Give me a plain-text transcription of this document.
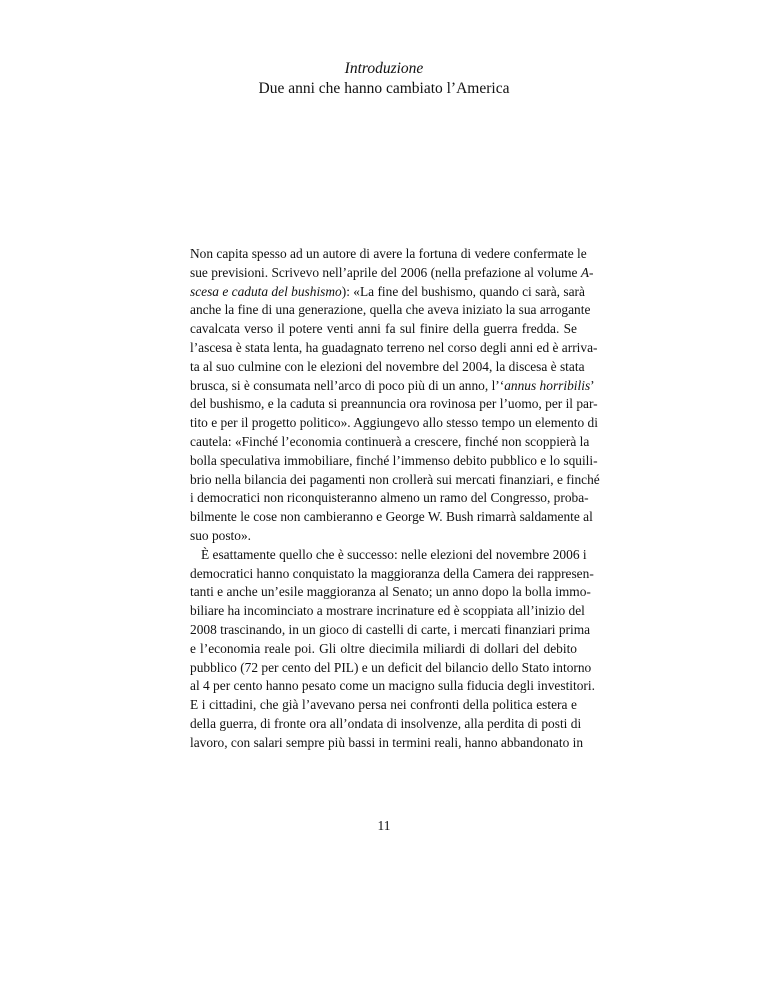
Introduzione
Due anni che hanno cambiato l’America
Non capita spesso ad un autore di avere la fortuna di vedere confermate le
sue previsioni. Scrivevo nell’aprile del 2006 (nella prefazione al volume A-
scesa e caduta del bushismo): «La fine del bushismo, quando ci sarà, sarà
anche la fine di una generazione, quella che aveva iniziato la sua arrogante
cavalcata verso il potere venti anni fa sul finire della guerra fredda. Se
l’ascesa è stata lenta, ha guadagnato terreno nel corso degli anni ed è arriva-
ta al suo culmine con le elezioni del novembre del 2004, la discesa è stata
brusca, si è consumata nell’arco di poco più di un anno, l’‘annus horribilis’
del bushismo, e la caduta si preannuncia ora rovinosa per l’uomo, per il par-
tito e per il progetto politico». Aggiungevo allo stesso tempo un elemento di
cautela: «Finché l’economia continuerà a crescere, finché non scoppierà la
bolla speculativa immobiliare, finché l’immenso debito pubblico e lo squili-
brio nella bilancia dei pagamenti non crollerà sui mercati finanziari, e finché
i democratici non riconquisteranno almeno un ramo del Congresso, proba-
bilmente le cose non cambieranno e George W. Bush rimarrà saldamente al
suo posto».
È esattamente quello che è successo: nelle elezioni del novembre 2006 i
democratici hanno conquistato la maggioranza della Camera dei rappresen-
tanti e anche un’esile maggioranza al Senato; un anno dopo la bolla immo-
biliare ha incominciato a mostrare incrinature ed è scoppiata all’inizio del
2008 trascinando, in un gioco di castelli di carte, i mercati finanziari prima
e l’economia reale poi. Gli oltre diecimila miliardi di dollari del debito
pubblico (72 per cento del PIL) e un deficit del bilancio dello Stato intorno
al 4 per cento hanno pesato come un macigno sulla fiducia degli investitori.
E i cittadini, che già l’avevano persa nei confronti della politica estera e
della guerra, di fronte ora all’ondata di insolvenze, alla perdita di posti di
lavoro, con salari sempre più bassi in termini reali, hanno abbandonato in
11
